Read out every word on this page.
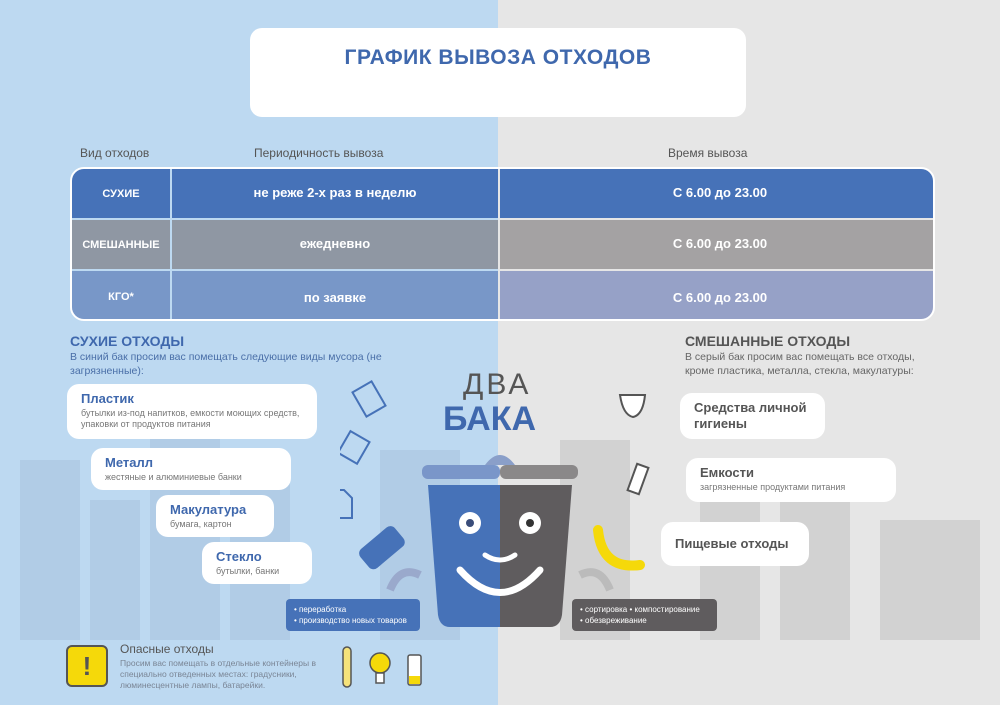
ГРАФИК ВЫВОЗА ОТХОДОВ
Вид отходов	Периодичность вывоза	Время вывоза
СУХИЕ	не реже 2-х раз в неделю	С 6.00 до 23.00
СМЕШАННЫЕ	ежедневно	С 6.00 до 23.00
КГО*	по заявке	С 6.00 до 23.00
СУХИЕ ОТХОДЫ
В синий бак просим вас помещать следующие виды мусора (не загрязненные):
Пластик
бутылки из-под напитков, емкости моющих средств, упаковки от продуктов питания
Металл
жестяные и алюминиевые банки
Макулатура
бумага, картон
Стекло
бутылки, банки
СМЕШАННЫЕ ОТХОДЫ
В серый бак просим вас помещать все отходы, кроме пластика, металла, стекла, макулатуры:
Средства личной гигиены
Емкости
загрязненные продуктами питания
Пищевые отходы
ДВА
БАКА
• переработка
• производство новых товаров
• сортировка • компостирование
• обезвреживание
!
Опасные отходы
Просим вас помещать в отдельные контейнеры в специально отведенных местах: градусники, люминесцентные лампы, батарейки.
